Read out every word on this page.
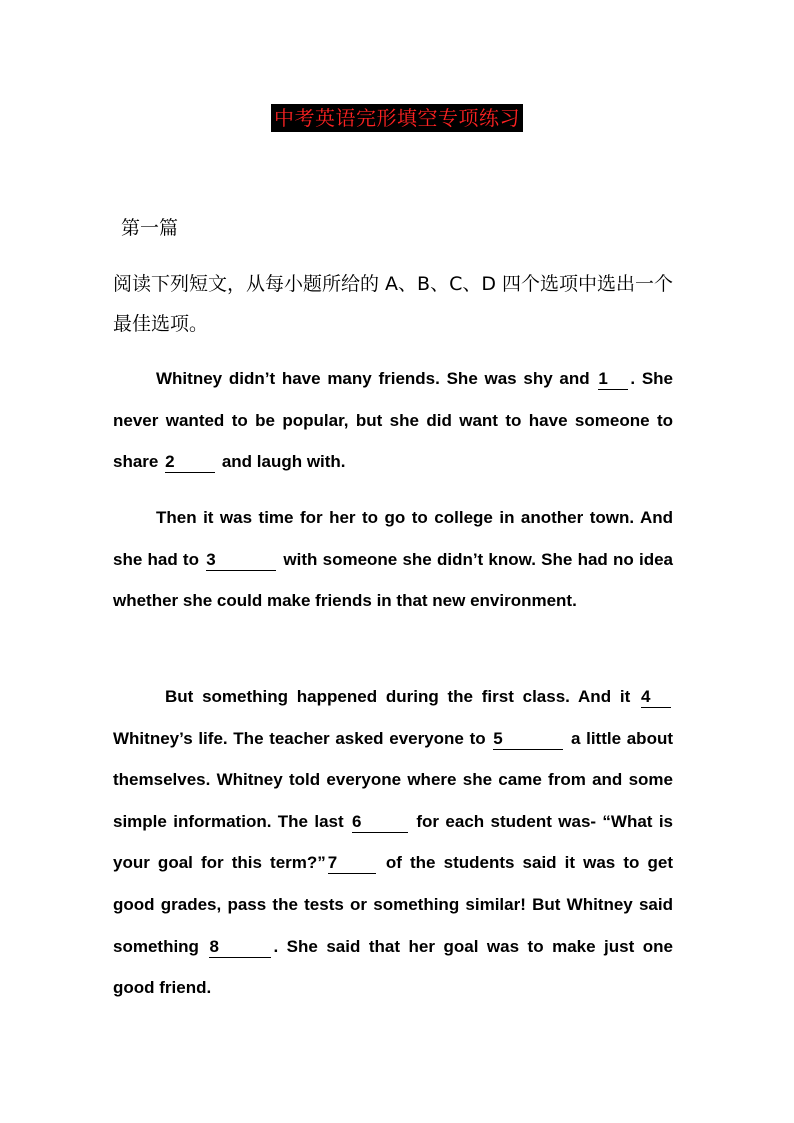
中考英语完形填空专项练习
第一篇
阅读下列短文，从每小题所给的 A、B、C、D 四个选项中选出一个最佳选项。
Whitney didn’t have many friends. She was shy and 1 . She never wanted to be popular, but she did want to have someone to share 2	and laugh with.
Then it was time for her to go to college in another town. And she had to 3	with someone she didn’t know. She had no idea whether she could make friends in that new environment.
But something happened during the first class. And it 4Whitney’s life. The teacher asked everyone to 5	a little about themselves. Whitney told everyone where she came from and some simple information. The last 6	for each student was- “What is your goal for this term?” 7 of the students said it was to get good grades, pass the tests or something similar! But Whitney said something 8	. She said that her goal was to make just one good friend.
